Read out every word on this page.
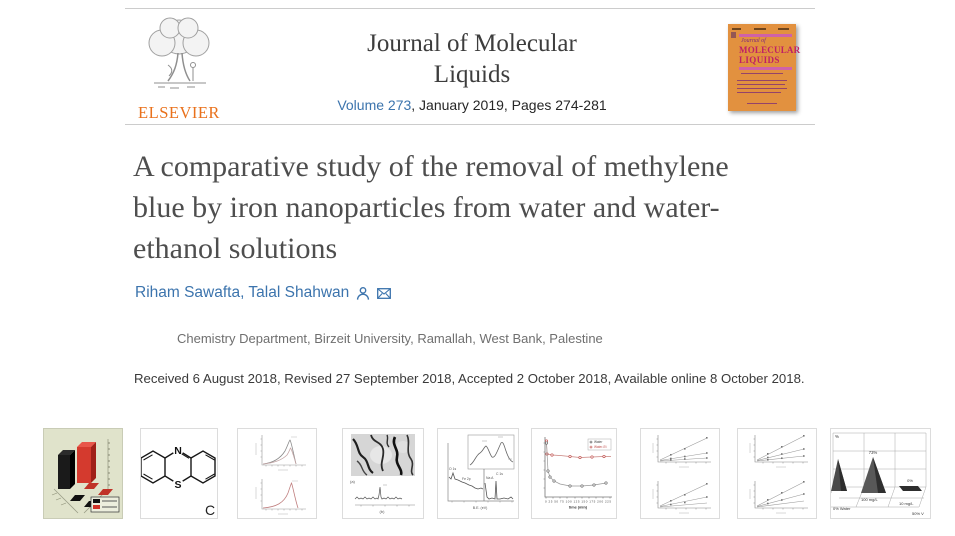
ELSEVIER
Journal of Molecular
Liquids
Volume 273, January 2019, Pages 274-281
Journal of
MOLECULAR
LIQUIDS
A comparative study of the removal of methylene
blue by iron nanoparticles from water and water-
ethanol solutions
Riham Sawafta, Talal Shahwan
Chemistry Department, Birzeit University, Ramallah, West Bank, Palestine
Received 6 August 2018, Revised 27 September 2018, Accepted 2 October 2018, Available online 8 October 2018.
N
S
C
(a)
(b)
O 1s
Fe 2p	Na A
C 1s
B.E. (eV)
0 25 50 75 100 125 150 175 200 225
time (min)
Water
Water-Et
%
73%
0%
100 mg/L
10 mg/L
0% Water
50% V
